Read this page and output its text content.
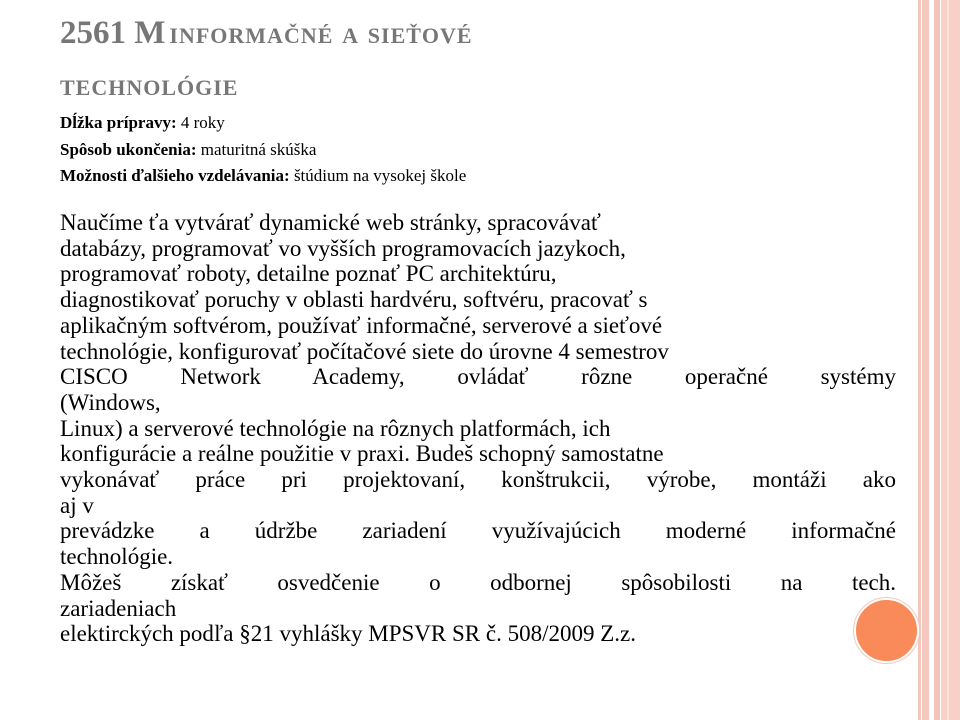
2561 M informačné a sieťové
technológie
Dĺžka prípravy: 4 roky
Spôsob ukončenia: maturitná skúška
Možnosti ďalšieho vzdelávania: štúdium na vysokej škole

Naučíme ťa vytvárať dynamické web stránky, spracovávať

databázy, programovať vo vyšších programovacích jazykoch,

programovať roboty, detailne poznať PC architektúru,

diagnostikovať poruchy v oblasti hardvéru, softvéru, pracovať s

aplikačným softvérom, používať informačné, serverové a sieťové

technológie, konfigurovať počítačové siete do úrovne 4 semestrov

CISCO Network Academy, ovládať rôzne operačné systémy

(Windows,

Linux) a serverové technológie na rôznych platformách, ich

konfigurácie a reálne použitie v praxi. Budeš schopný samostatne

vykonávať práce pri projektovaní, konštrukcii, výrobe, montáži ako

aj v

prevádzke a údržbe zariadení využívajúcich moderné informačné

technológie.

Môžeš získať osvedčenie o odbornej spôsobilosti na tech.

zariadeniach

elektirckých podľa §21 vyhlášky MPSVR SR č. 508/2009 Z.z.
